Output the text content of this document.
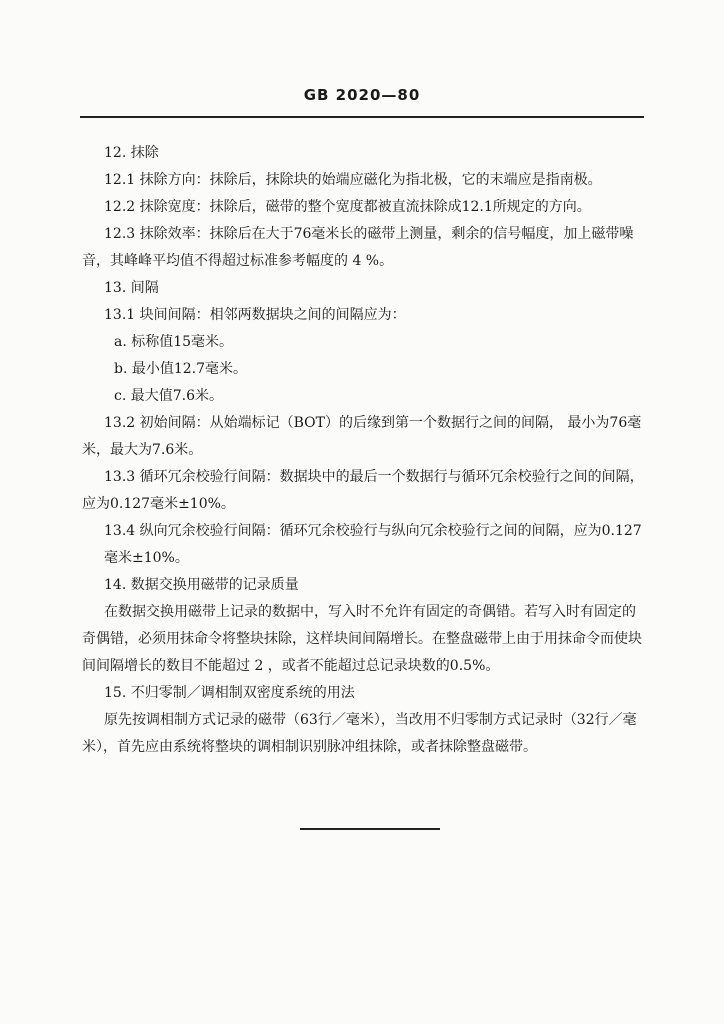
GB 2020—80

12. 抹除

12.1 抹除方向：抹除后，抹除块的始端应磁化为指北极，它的末端应是指南极。

12.2 抹除宽度：抹除后，磁带的整个宽度都被直流抹除成12.1所规定的方向。

12.3 抹除效率：抹除后在大于76毫米长的磁带上测量，剩余的信号幅度，加上磁带噪音，其峰峰平均值不得超过标准参考幅度的 4 %。

13. 间隔

13.1 块间间隔：相邻两数据块之间的间隔应为：

a. 标称值15毫米。

b. 最小值12.7毫米。

c. 最大值7.6米。

13.2 初始间隔：从始端标记（BOT）的后缘到第一个数据行之间的间隔， 最小为76毫米，最大为7.6米。

13.3 循环冗余校验行间隔：数据块中的最后一个数据行与循环冗余校验行之间的间隔，应为0.127毫米±10%。

13.4 纵向冗余校验行间隔：循环冗余校验行与纵向冗余校验行之间的间隔，应为0.127毫米±10%。

14. 数据交换用磁带的记录质量

在数据交换用磁带上记录的数据中，写入时不允许有固定的奇偶错。若写入时有固定的奇偶错，必须用抹命令将整块抹除，这样块间间隔增长。在整盘磁带上由于用抹命令而使块间间隔增长的数目不能超过 2 ，或者不能超过总记录块数的0.5%。

15. 不归零制／调相制双密度系统的用法

原先按调相制方式记录的磁带（63行／毫米），当改用不归零制方式记录时（32行／毫米），首先应由系统将整块的调相制识别脉冲组抹除，或者抹除整盘磁带。
